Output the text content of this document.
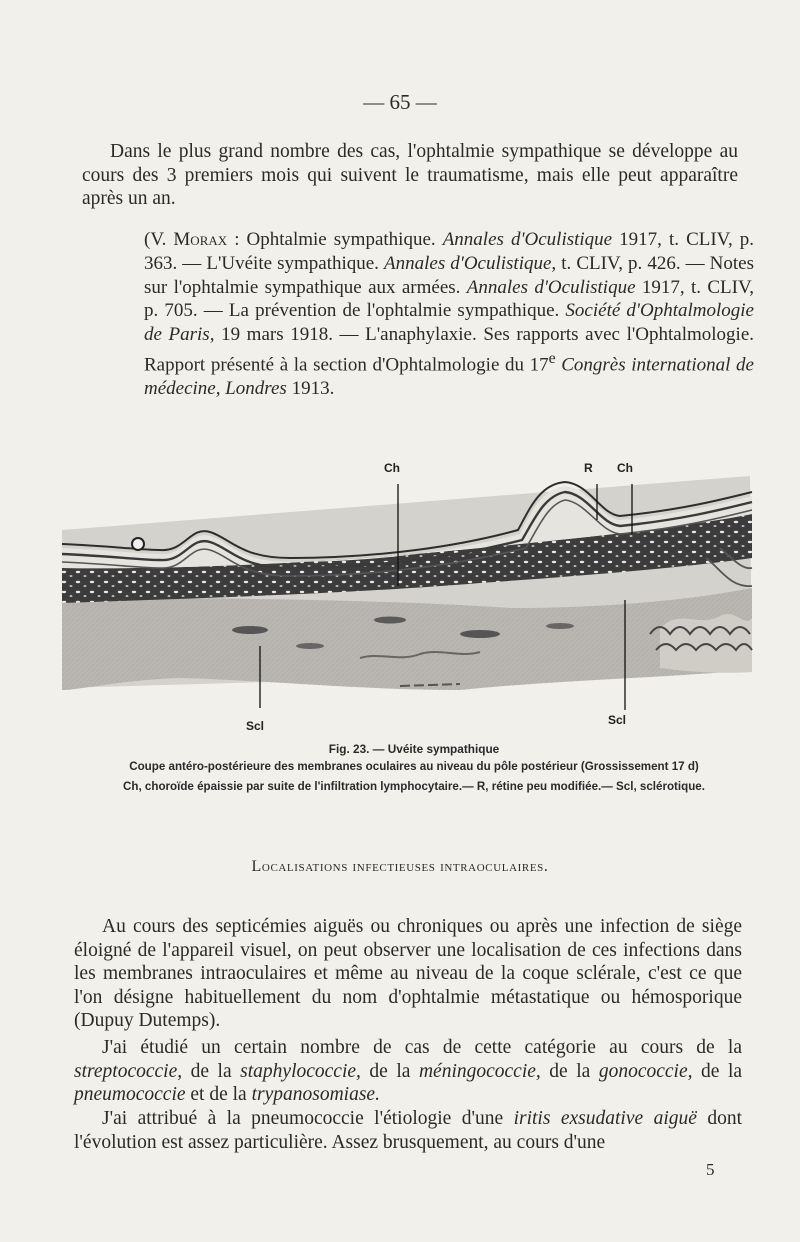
— 65 —

Dans le plus grand nombre des cas, l'ophtalmie sympathique se développe au cours des 3 premiers mois qui suivent le traumatisme, mais elle peut apparaître après un an.

(V. Morax : Ophtalmie sympathique. Annales d'Oculistique 1917, t. CLIV, p. 363. — L'Uvéite sympathique. Annales d'Oculistique, t. CLIV, p. 426. — Notes sur l'ophtalmie sympathique aux armées. Annales d'Oculistique 1917, t. CLIV, p. 705. — La prévention de l'ophtalmie sympathique. Société d'Ophtalmologie de Paris, 19 mars 1918. — L'anaphylaxie. Ses rapports avec l'Ophtalmologie. Rapport présenté à la section d'Ophtalmologie du 17e Congrès international de médecine, Londres 1913.

Ch	R Ch
Scl	Scl
Fig. 23. — Uvéite sympathique
Coupe antéro-postérieure des membranes oculaires au niveau du pôle postérieur (Grossissement 17 d)
Ch, choroïde épaissie par suite de l'infiltration lymphocytaire.— R, rétine peu modifiée.— Scl, sclérotique.
Localisations infectieuses intraoculaires.

Au cours des septicémies aiguës ou chroniques ou après une infection de siège éloigné de l'appareil visuel, on peut observer une localisation de ces infections dans les membranes intraoculaires et même au niveau de la coque sclérale, c'est ce que l'on désigne habituellement du nom d'ophtalmie métastatique ou hémosporique (Dupuy Dutemps).

J'ai étudié un certain nombre de cas de cette catégorie au cours de la streptococcie, de la staphylococcie, de la méningococcie, de la gonococcie, de la pneumococcie et de la trypanosomiase.

J'ai attribué à la pneumococcie l'étiologie d'une iritis exsudative aiguë dont l'évolution est assez particulière. Assez brusquement, au cours d'une

5
